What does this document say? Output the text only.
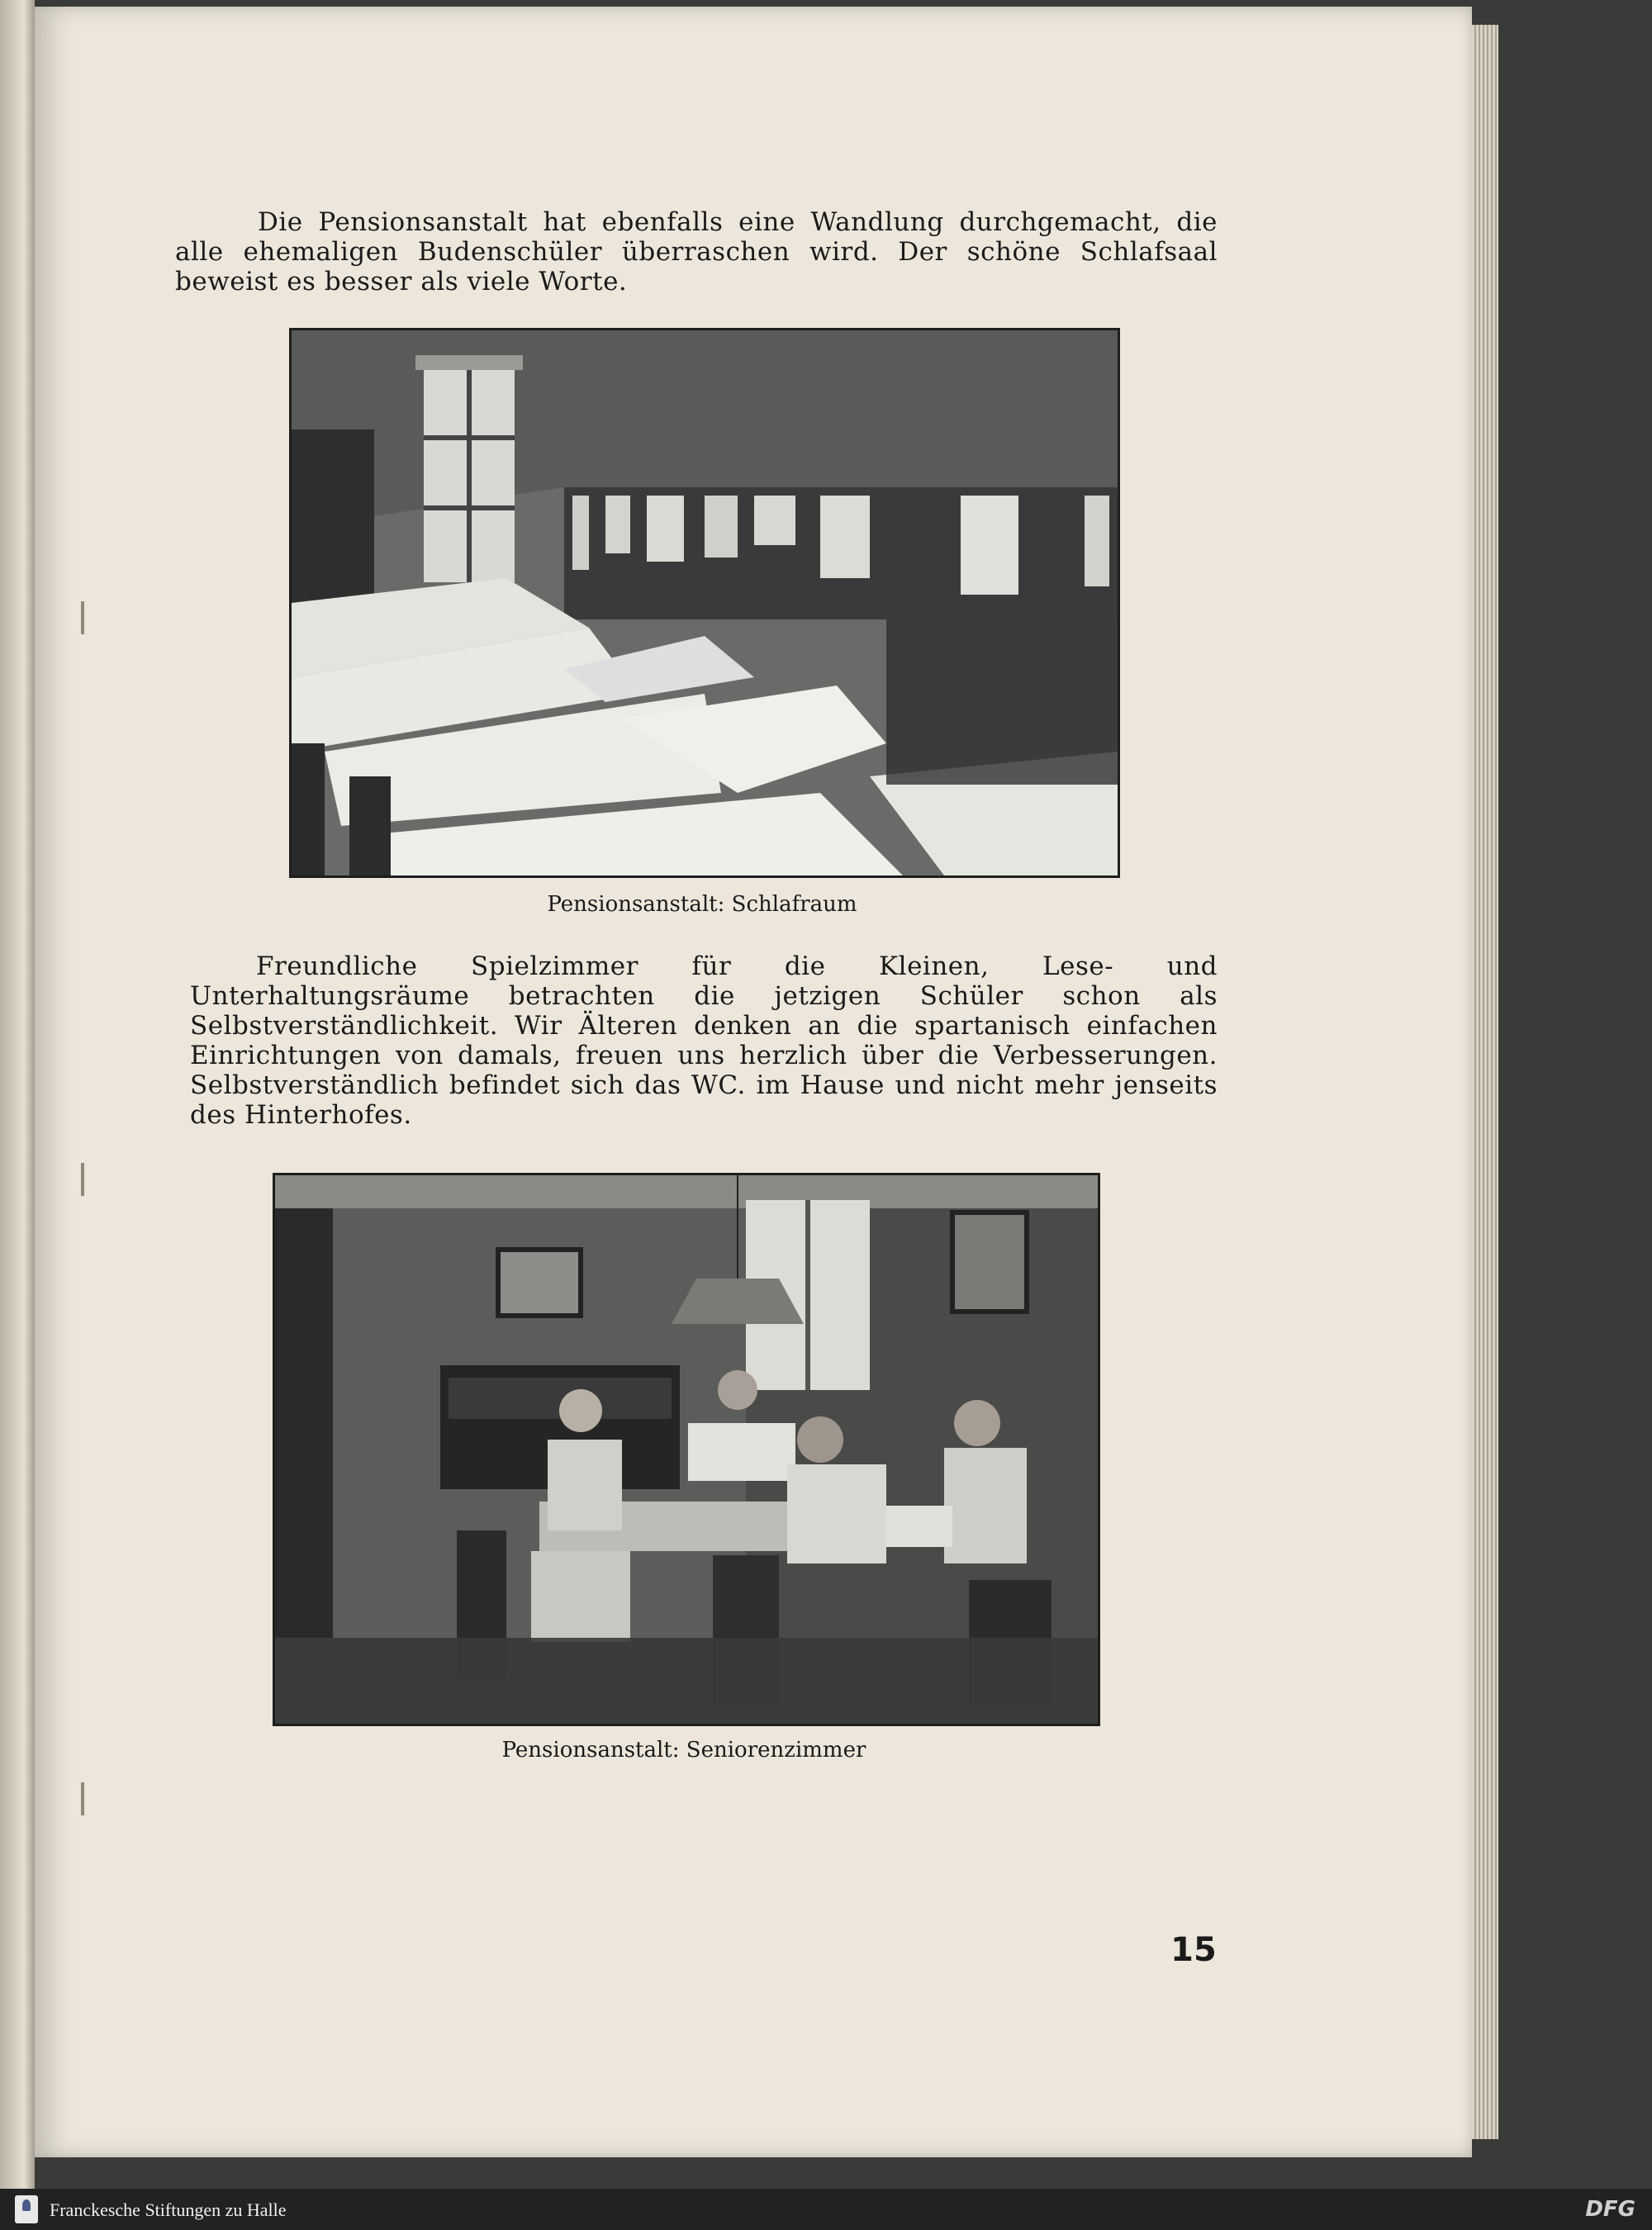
Die Pensionsanstalt hat ebenfalls eine Wandlung durchgemacht, die alle ehemaligen Budenschüler überraschen wird. Der schöne Schlafsaal beweist es besser als viele Worte.

Pensionsanstalt: Schlafraum

Freundliche Spielzimmer für die Kleinen, Lese- und Unterhaltungsräume betrachten die jetzigen Schüler schon als Selbstverständlichkeit. Wir Älteren denken an die spartanisch einfachen Einrichtungen von damals, freuen uns herzlich über die Verbesserungen. Selbstverständlich befindet sich das WC. im Hause und nicht mehr jenseits des Hinterhofes.

Pensionsanstalt: Seniorenzimmer
15
Franckesche Stiftungen zu Halle	DFG
